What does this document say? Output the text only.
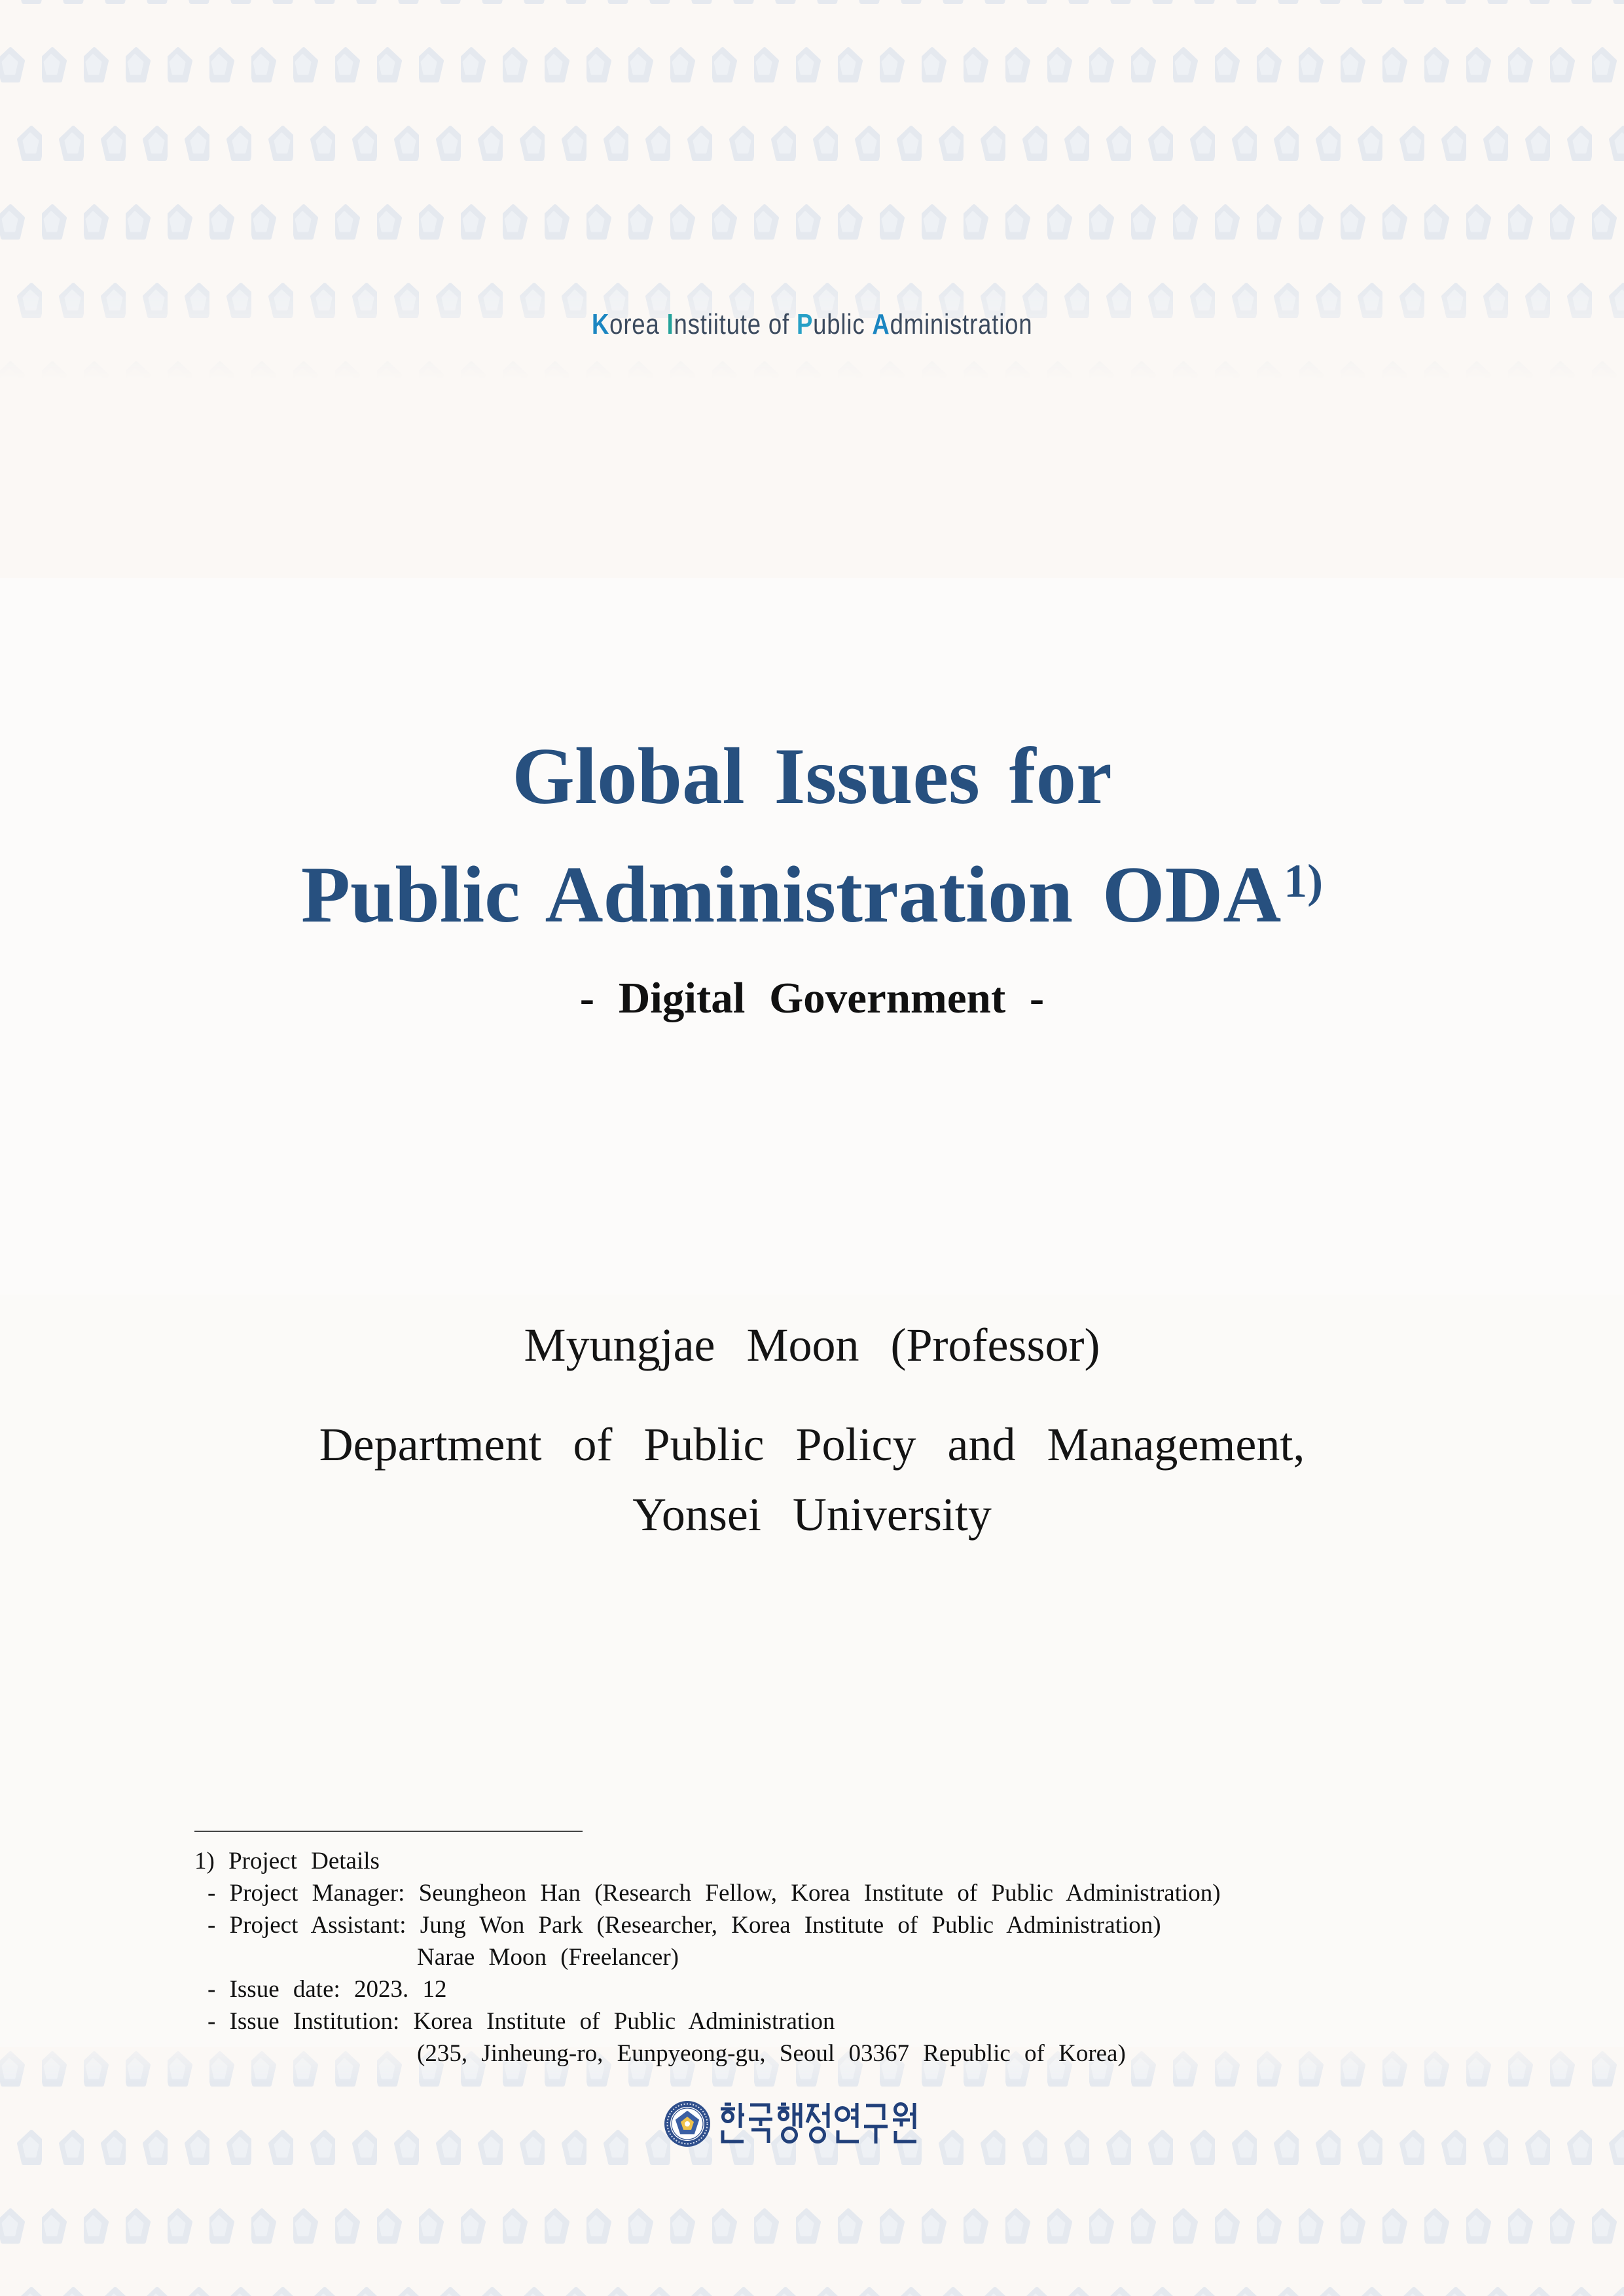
Korea Instiitute of Public Administration
Global Issues for
Public Administration ODA$^{1)}$
- Digital Government -
Myungjae Moon (Professor)
Department of Public Policy and Management,
Yonsei University
1) Project Details
- Project Manager: Seungheon Han (Research Fellow, Korea Institute of Public Administration)
- Project Assistant: Jung Won Park (Researcher, Korea Institute of Public Administration)
Narae Moon (Freelancer)
- Issue date: 2023. 12
- Issue Institution: Korea Institute of Public Administration
(235, Jinheung-ro, Eunpyeong-gu, Seoul 03367 Republic of Korea)
